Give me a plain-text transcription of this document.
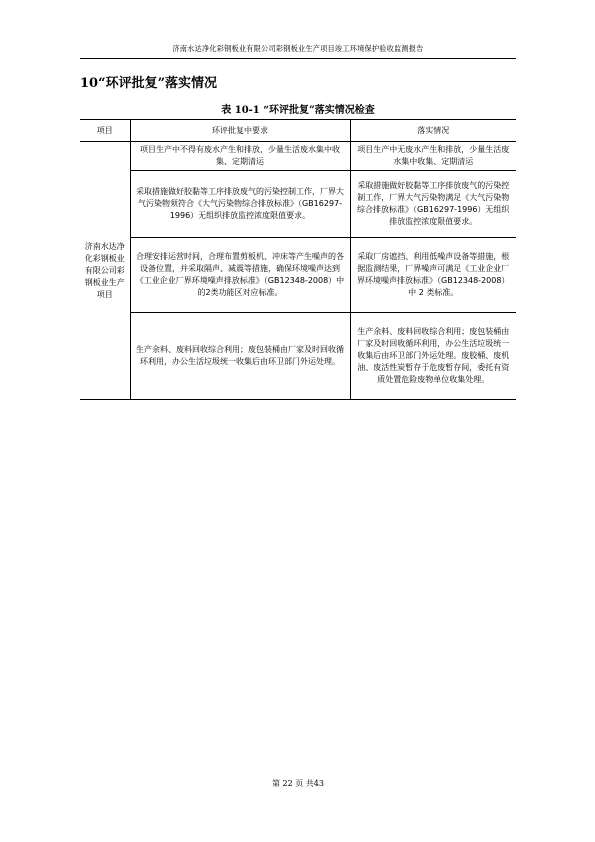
济南水达净化彩钢板业有限公司彩钢板业生产项目竣工环境保护验收监测报告
10“环评批复”落实情况
表 10-1 “环评批复”落实情况检查
项目	环评批复中要求	落实情况
济南水达净化彩钢板业有限公司彩钢板业生产项目	项目生产中不得有废水产生和排放，少量生活废水集中收集、定期清运	项目生产中无废水产生和排放，少量生活废水集中收集、定期清运
	采取措施做好胶黏等工序排放废气的污染控制工作，厂界大气污染物须符合《大气污染物综合排放标准》（GB16297-1996）无组织排放监控浓度限值要求。	采取措施做好胶黏等工序排放废气的污染控制工作，厂界大气污染物满足《大气污染物综合排放标准》（GB16297-1996）无组织排放监控浓度限值要求。
	合理安排运营时间，合理布置剪板机、冲床等产生噪声的各设备位置，并采取隔声、减震等措施，确保环境噪声达到《工业企业厂界环境噪声排放标准》（GB12348-2008）中的2类功能区对应标准。	采取厂房遮挡、利用低噪声设备等措施，根据监测结果，厂界噪声可满足《工业企业厂界环境噪声排放标准》（GB12348-2008）中 2 类标准。
	生产余料、废料回收综合利用；废包装桶由厂家及时回收循环利用，办公生活垃圾统一收集后由环卫部门外运处理。	生产余料、废料回收综合利用；废包装桶由厂家及时回收循环利用，办公生活垃圾统一收集后由环卫部门外运处理。废胶桶、废机油、废活性炭暂存于危废暂存间，委托有资质处置危险废物单位收集处理。
第 22 页 共43
